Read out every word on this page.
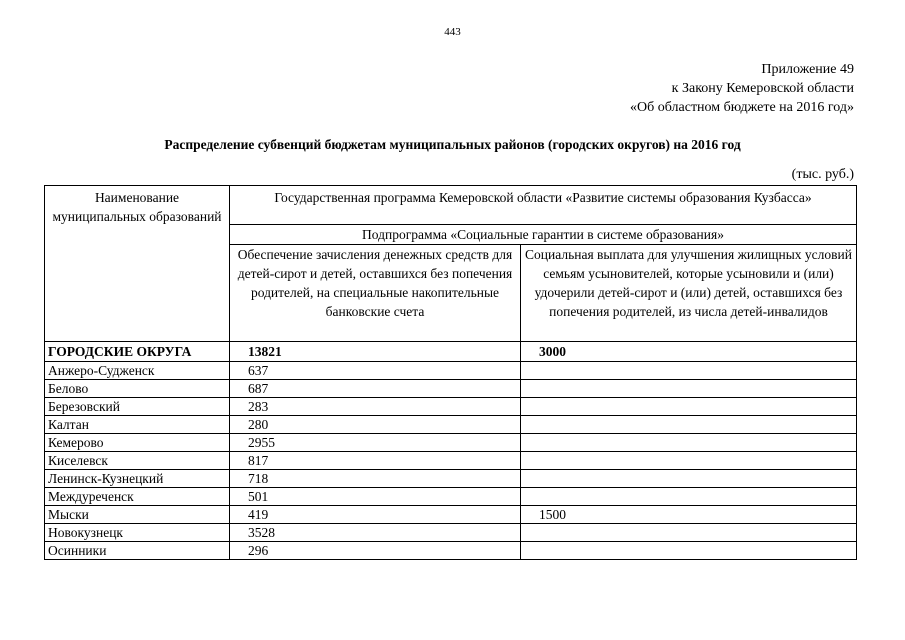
443
Приложение 49
к Закону Кемеровской области
«Об областном бюджете на 2016 год»
Распределение субвенций бюджетам муниципальных районов (городских округов) на 2016 год
(тыс. руб.)
Наименование муниципальных образований	Государственная программа Кемеровской области «Развитие системы образования Кузбасса»	
	Подпрограмма «Социальные гарантии в системе образования»	
	Обеспечение зачисления денежных средств для детей-сирот и детей, оставшихся без попечения родителей, на специальные накопительные банковские счета	Социальная выплата для улучшения жилищных условий семьям усыновителей, которые усыновили и (или) удочерили детей-сирот и (или) детей, оставшихся без попечения родителей, из числа детей-инвалидов
ГОРОДСКИЕ ОКРУГА	13821	3000
Анжеро-Судженск	637	
Белово	687	
Березовский	283	
Калтан	280	
Кемерово	2955	
Киселевск	817	
Ленинск-Кузнецкий	718	
Междуреченск	501	
Мыски	419	1500
Новокузнецк	3528	
Осинники	296	
